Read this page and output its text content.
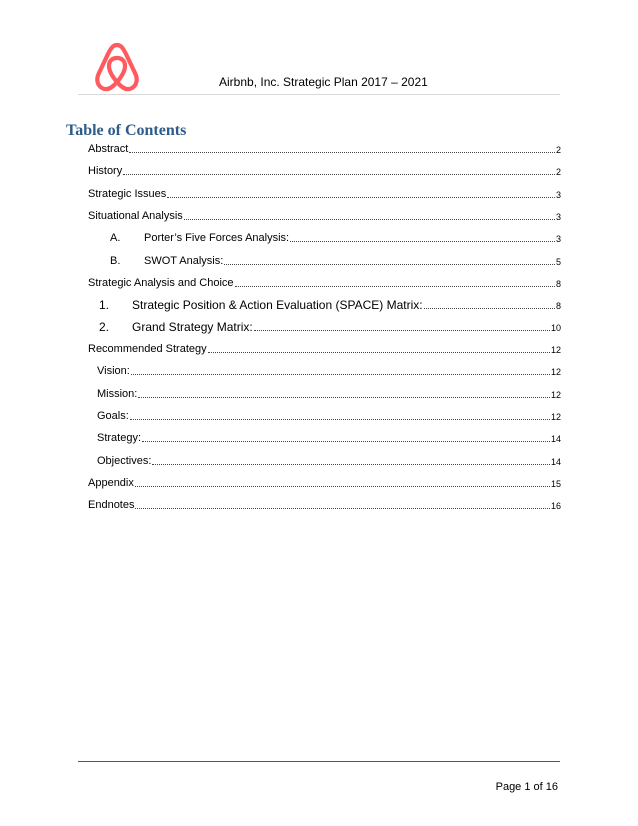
Airbnb, Inc. Strategic Plan 2017 – 2021
Table of Contents
Abstract	2
History	2
Strategic Issues	3
Situational Analysis	3
A.	Porter’s Five Forces Analysis:	3
B.	SWOT Analysis:	5
Strategic Analysis and Choice	8
1.	Strategic Position & Action Evaluation (SPACE) Matrix:	8
2.	Grand Strategy Matrix:	10
Recommended Strategy	12
Vision:	12
Mission:	12
Goals:	12
Strategy:	14
Objectives:	14
Appendix	15
Endnotes	16
Page 1 of 16
